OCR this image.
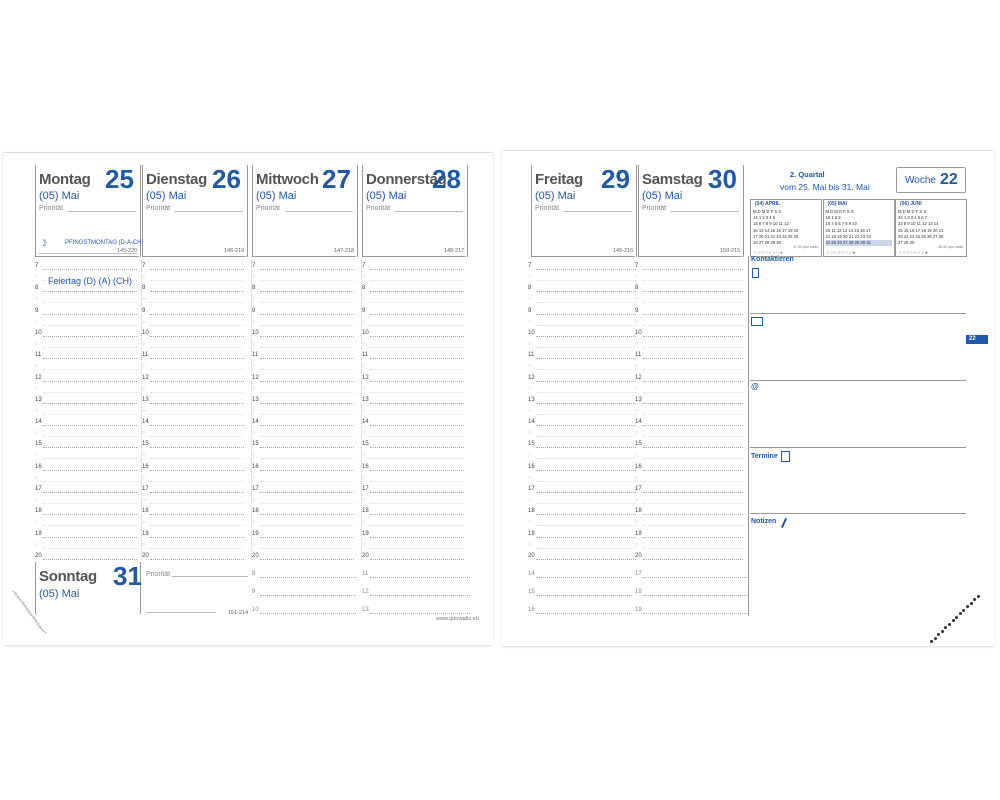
Montag 25
(05) Mai
Priorität
145-220
PFINGSTMONTAG (D-A-CH)
☽
Dienstag 26
(05) Mai
Priorität
146-219
Mittwoch 27
(05) Mai
Priorität
147-218
Donnerstag
28
(05) Mai
Priorität
148-217
7
○
8
○
9
○
10
○
11
○
12
○
13
○
14
○
15
○
16
○
17
○
18
○
19
○
20
7
○
8
○
9
○
10
○
11
○
12
○
13
○
14
○
15
○
16
○
17
○
18
○
19
○
20
7
○
8
○
9
○
10
○
11
○
12
○
13
○
14
○
15
○
16
○
17
○
18
○
19
○
20
7
○
8
○
9
○
10
○
11
○
12
○
13
○
14
○
15
○
16
○
17
○
18
○
19
○
20
Freitag 29
(05) Mai
Priorität
149-216
Samstag 30
(05) Mai
Priorität
150-215
7
○
8
○
9
○
10
○
11
○
12
○
13
○
14
○
15
○
16
○
17
○
18
○
19
○
20
7
○
8
○
9
○
10
○
11
○
12
○
13
○
14
○
15
○
16
○
17
○
18
○
19
○
20
14
15
16
17
18
19
Feiertag (D) (A) (CH)
Sonntag 31
(05) Mai
Priorität
151-214
8
9
10
11
12
13
www.quovadis.eu
2. Quartal
vom 25. Mai bis 31. Mai
Woche 22
(04) APRIL
M D M D F S S
14 1 2 3 4 5
15 6 7 8 9 10 11 12
16 13 14 15 16 17 18 19
17 20 21 22 23 24 25 26
18 27 28 29 30
47-50 quo vadis
○○○○○○○●
(05) MAI
M D M D F S S
18 1 2 3
19 4 5 6 7 8 9 10
20 11 12 13 14 15 16 17
21 18 19 20 21 22 23 24
22 25 26 27 28 29 30 31
○○○○○○○●
(06) JUNI
M D M D F S S
23 1 2 3 4 5 6 7
24 8 9 10 11 12 13 14
25 15 16 17 18 19 20 21
26 22 23 24 25 26 27 28
27 29 30
48-50 quo vadis
○○○○○○○●
22
Kontaktieren
@
Termine
Notizen
